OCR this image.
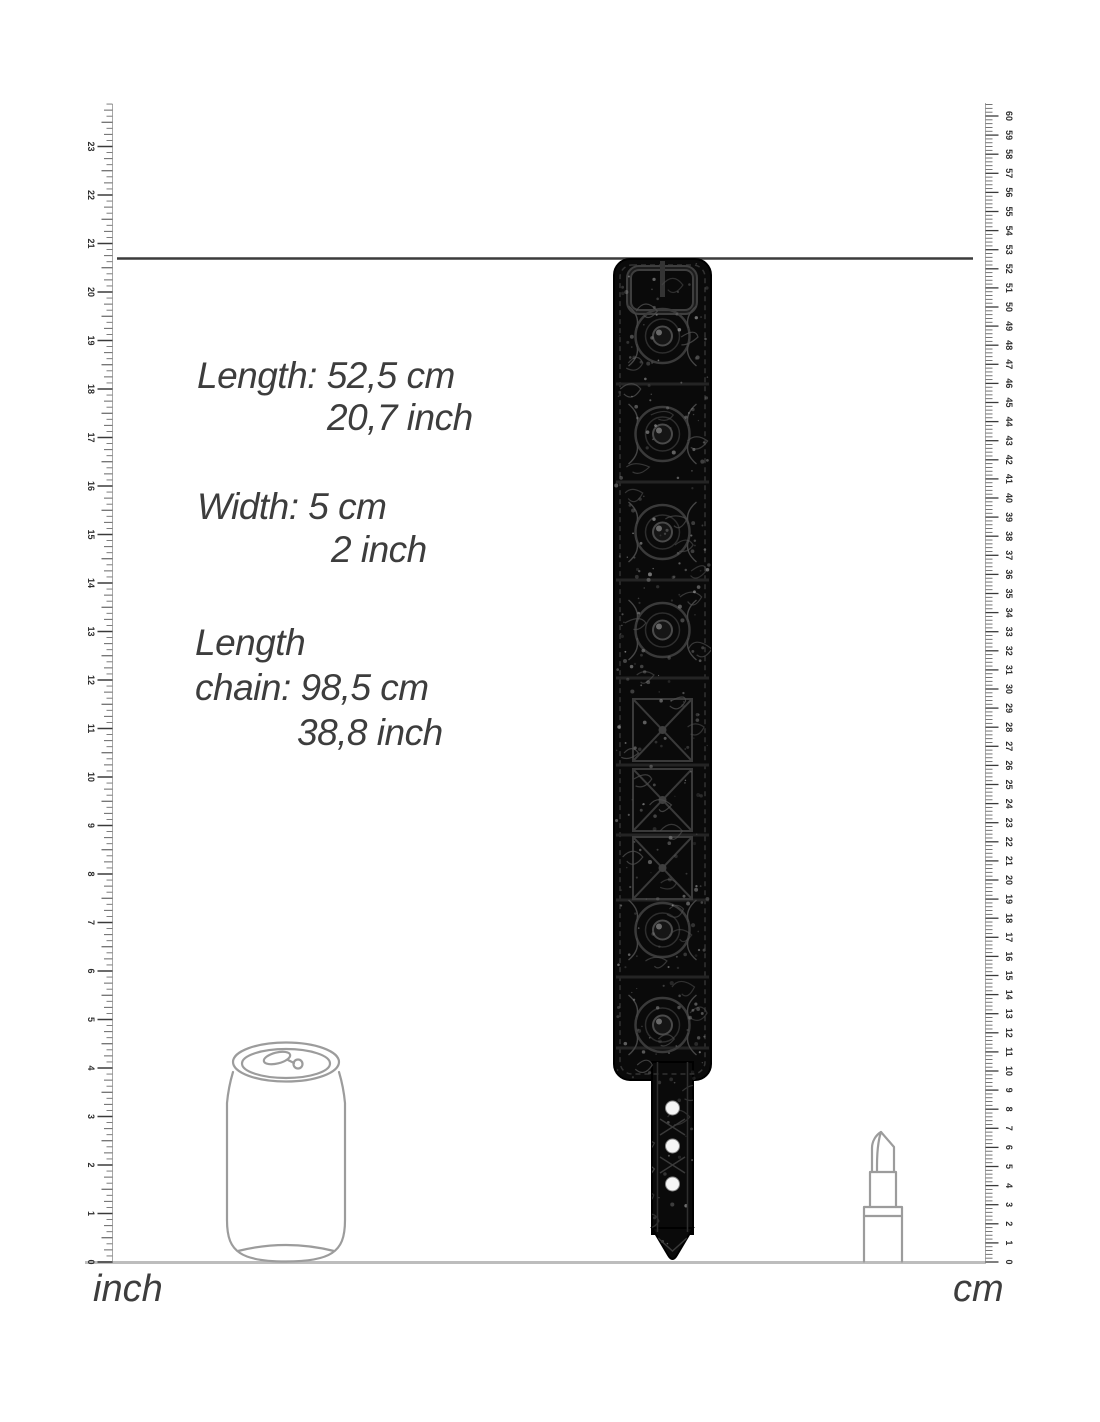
0
1
2
3
4
5
6
7
8
9
10
11
12
13
14
15
16
17
18
19
20
21
22
23
0
1
2
3
4
5
6
7
8
9
10
11
12
13
14
15
16
17
18
19
20
21
22
23
24
25
26
27
28
29
30
31
32
33
34
35
36
37
38
39
40
41
42
43
44
45
46
47
48
49
50
51
52
53
54
55
56
57
58
59
60
Length: 52,5 cm
20,7 inch
Width: 5 cm
2 inch
Length
chain: 98,5 cm
38,8 inch
inch	cm
